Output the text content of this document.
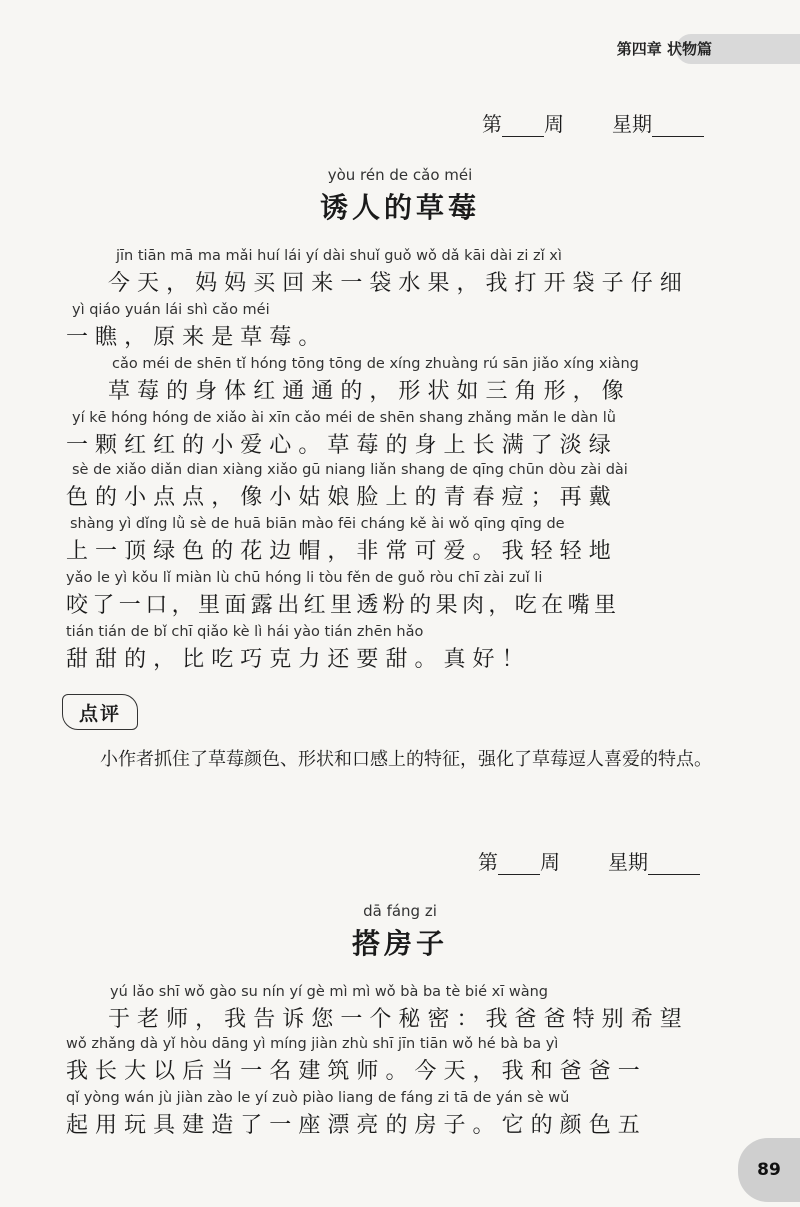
第四章 状物篇
第 周 星期
yòu rén de cǎo méi
诱人的草莓
jīn tiān mā ma mǎi huí lái yí dài shuǐ guǒ wǒ dǎ kāi dài zi zǐ xì
今天，妈妈买回来一袋水果，我打开袋子仔细
yì qiáo yuán lái shì cǎo méi
一瞧，原来是草莓。
cǎo méi de shēn tǐ hóng tōng tōng de xíng zhuàng rú sān jiǎo xíng xiàng
草莓的身体红通通的，形状如三角形，像
yí kē hóng hóng de xiǎo ài xīn cǎo méi de shēn shang zhǎng mǎn le dàn lǜ
一颗红红的小爱心。草莓的身上长满了淡绿
sè de xiǎo diǎn dian xiàng xiǎo gū niang liǎn shang de qīng chūn dòu zài dài
色的小点点，像小姑娘脸上的青春痘；再戴
shàng yì dǐng lǜ sè de huā biān mào fēi cháng kě ài wǒ qīng qīng de
上一顶绿色的花边帽，非常可爱。我轻轻地
yǎo le yì kǒu lǐ miàn lù chū hóng li tòu fěn de guǒ ròu chī zài zuǐ li
咬了一口，里面露出红里透粉的果肉，吃在嘴里
tián tián de bǐ chī qiǎo kè lì hái yào tián zhēn hǎo
甜甜的，比吃巧克力还要甜。真好！
点评
小作者抓住了草莓颜色、形状和口感上的特征，强化了草莓逗人喜爱的特点。
第 周 星期
dā fáng zi
搭房子
yú lǎo shī wǒ gào su nín yí gè mì mì wǒ bà ba tè bié xī wàng
于老师，我告诉您一个秘密：我爸爸特别希望
wǒ zhǎng dà yǐ hòu dāng yì míng jiàn zhù shī jīn tiān wǒ hé bà ba yì
我长大以后当一名建筑师。今天，我和爸爸一
qǐ yòng wán jù jiàn zào le yí zuò piào liang de fáng zi tā de yán sè wǔ
起用玩具建造了一座漂亮的房子。它的颜色五
89
